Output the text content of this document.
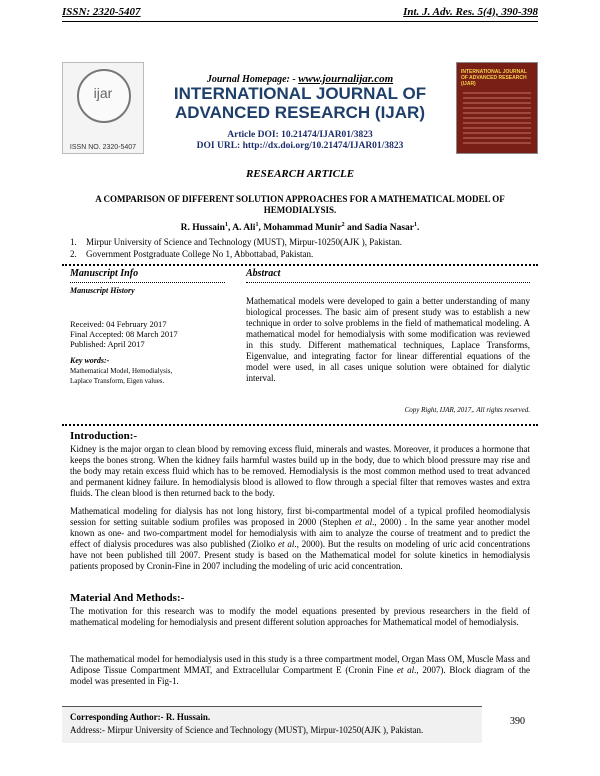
ISSN: 2320-5407	Int. J. Adv. Res. 5(4), 390-398
ijar
ISSN NO. 2320-5407
Journal Homepage: - www.journalijar.com
INTERNATIONAL JOURNAL OF
ADVANCED RESEARCH (IJAR)
Article DOI: 10.21474/IJAR01/3823
DOI URL: http://dx.doi.org/10.21474/IJAR01/3823
INTERNATIONAL JOURNAL OF ADVANCED RESEARCH (IJAR)
RESEARCH ARTICLE
A COMPARISON OF DIFFERENT SOLUTION APPROACHES FOR A MATHEMATICAL MODEL OF
HEMODIALYSIS.
R. Hussain$^1$, A. Ali$^1$, Mohammad Munir$^2$ and Sadia Nasar$^1$.
1. Mirpur University of Science and Technology (MUST), Mirpur-10250(AJK ), Pakistan.
2. Government Postgraduate College No 1, Abbottabad, Pakistan.
Manuscript Info
Manuscript History
Received: 04 February 2017
Final Accepted: 08 March 2017
Published: April 2017
Key words:-
Mathematical Model, Hemodialysis,
Laplace Transform, Eigen values.
Abstract
Mathematical models were developed to gain a better understanding of many biological processes. The basic aim of present study was to establish a new technique in order to solve problems in the field of mathematical modeling. A mathematical model for hemodialysis with some modification was reviewed in this study. Different mathematical techniques, Laplace Transforms, Eigenvalue, and integrating factor for linear differential equations of the model were used, in all cases unique solution were obtained for dialytic interval.
Copy Right, IJAR, 2017,. All rights reserved.
Introduction:-
Kidney is the major organ to clean blood by removing excess fluid, minerals and wastes. Moreover, it produces a hormone that keeps the bones strong. When the kidney fails harmful wastes build up in the body, due to which blood pressure may rise and the body may retain excess fluid which has to be removed. Hemodialysis is the most common method used to treat advanced and permanent kidney failure. In hemodialysis blood is allowed to flow through a special filter that removes wastes and extra fluids. The clean blood is then returned back to the body.
Mathematical modeling for dialysis has not long history, first bi-compartmental model of a typical profiled heomodialysis session for setting suitable sodium profiles was proposed in 2000 (Stephen et al., 2000) . In the same year another model known as one- and two-compartment model for hemodialysis with aim to analyze the course of treatment and to predict the effect of dialysis procedures was also published (Ziolko et al., 2000). But the results on modeling of uric acid concentrations have not been published till 2007. Present study is based on the Mathematical model for solute kinetics in hemodialysis patients proposed by Cronin-Fine in 2007 including the modeling of uric acid concentration.
Material And Methods:-
The motivation for this research was to modify the model equations presented by previous researchers in the field of mathematical modeling for hemodialysis and present different solution approaches for Mathematical model of hemodialysis.
The mathematical model for hemodialysis used in this study is a three compartment model, Organ Mass OM, Muscle Mass and Adipose Tissue Compartment MMAT, and Extracellular Compartment E (Cronin Fine et al., 2007). Block diagram of the model was presented in Fig-1.
Corresponding Author:- R. Hussain.
Address:- Mirpur University of Science and Technology (MUST), Mirpur-10250(AJK ), Pakistan.
390
